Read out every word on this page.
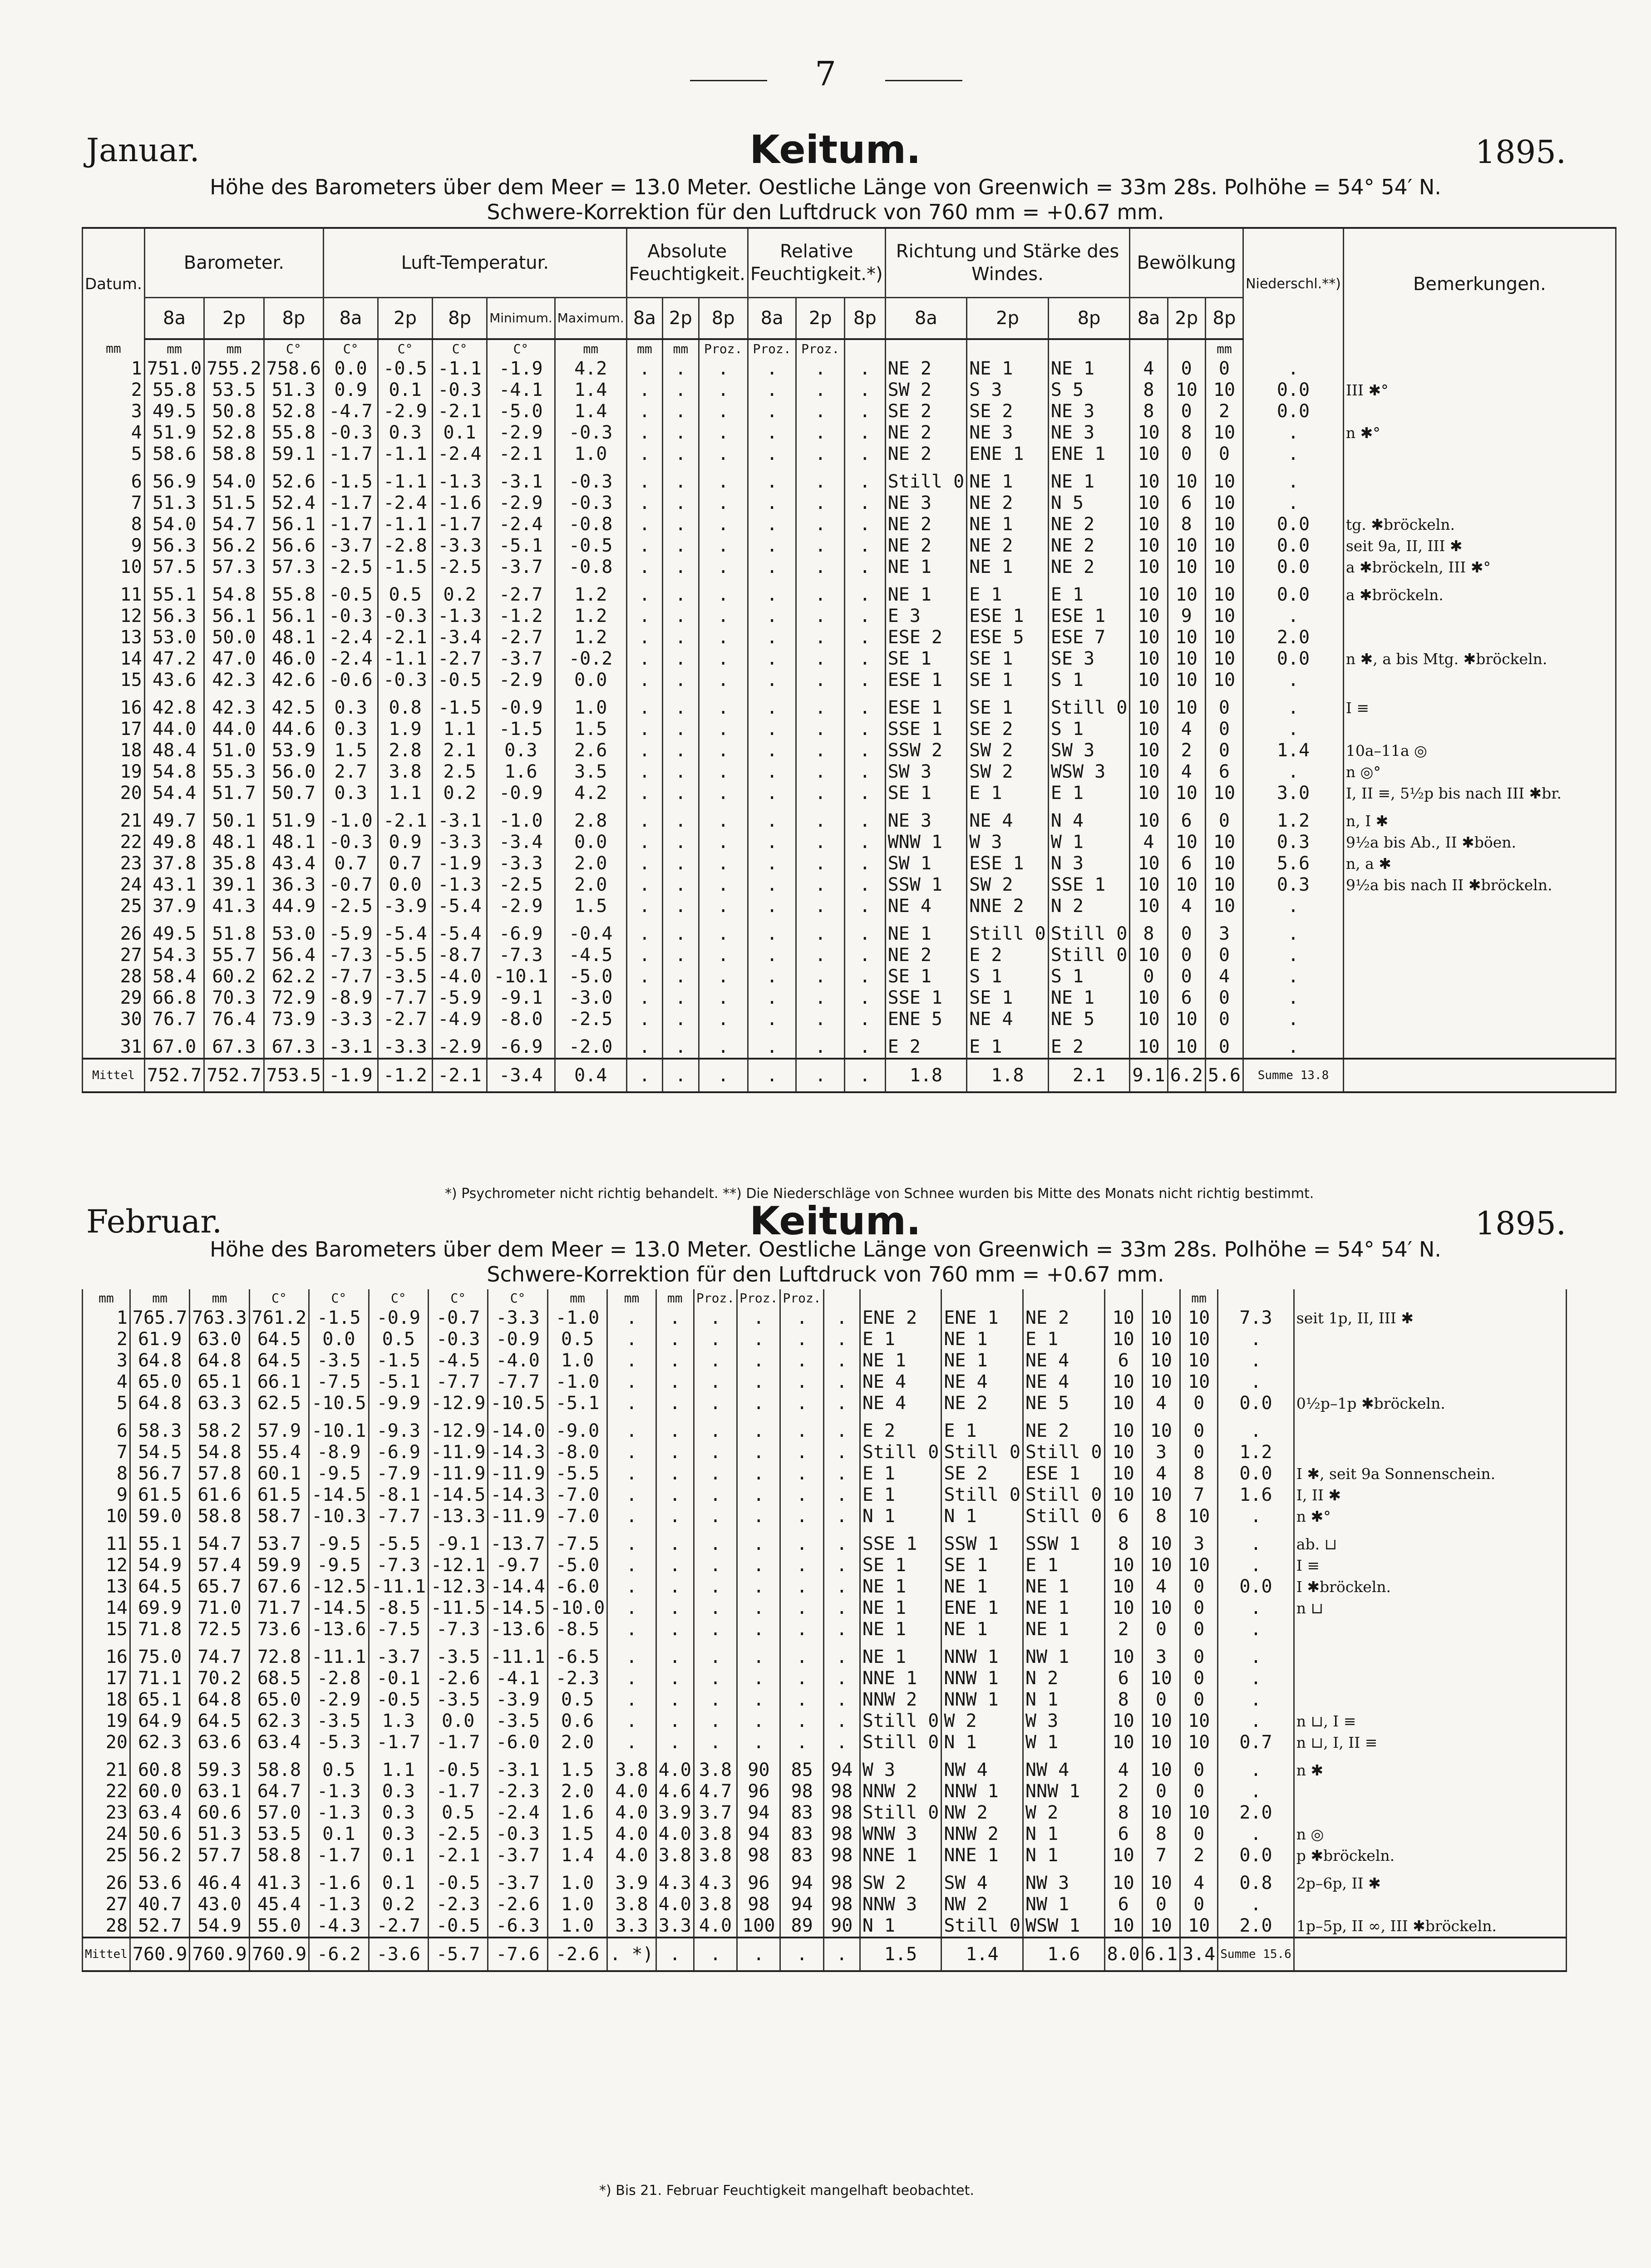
7
Januar.	Keitum.	1895.
Höhe des Barometers über dem Meer = 13.0 Meter. Oestliche Länge von Greenwich = 33m 28s. Polhöhe = 54° 54′ N.
Schwere-Korrektion für den Luftdruck von 760 mm = +0.67 mm.
Datum.	Barometer.			Luft-Temperatur.					Absolute Feuchtigkeit.			Relative Feuchtigkeit.*)			Richtung und Stärke des Windes.			Bewölkung			Niederschl.**)	Bemerkungen.
	8a	2p	8p	8a	2p	8p	Minimum.	Maximum.	8a	2p	8p	8a	2p	8p	8a	2p	8p	8a	2p	8p		
mm	mm	mm	C°	C°	C°	C°	C°	mm	mm	mm	Proz.	Proz.	Proz.							mm		
1	751.0	755.2	758.6	0.0	-0.5	-1.1	-1.9	4.2	.	.	.	.	.	.	NE 2	NE 1	NE 1	4	0	0	.	
2	55.8	53.5	51.3	0.9	0.1	-0.3	-4.1	1.4	.	.	.	.	.	.	SW 2	S 3	S 5	8	10	10	0.0	III ✱°
3	49.5	50.8	52.8	-4.7	-2.9	-2.1	-5.0	1.4	.	.	.	.	.	.	SE 2	SE 2	NE 3	8	0	2	0.0	
4	51.9	52.8	55.8	-0.3	0.3	0.1	-2.9	-0.3	.	.	.	.	.	.	NE 2	NE 3	NE 3	10	8	10	.	n ✱°
5	58.6	58.8	59.1	-1.7	-1.1	-2.4	-2.1	1.0	.	.	.	.	.	.	NE 2	ENE 1	ENE 1	10	0	0	.	

6	56.9	54.0	52.6	-1.5	-1.1	-1.3	-3.1	-0.3	.	.	.	.	.	.	Still 0	NE 1	NE 1	10	10	10	.	
7	51.3	51.5	52.4	-1.7	-2.4	-1.6	-2.9	-0.3	.	.	.	.	.	.	NE 3	NE 2	N 5	10	6	10	.	
8	54.0	54.7	56.1	-1.7	-1.1	-1.7	-2.4	-0.8	.	.	.	.	.	.	NE 2	NE 1	NE 2	10	8	10	0.0	tg. ✱bröckeln.
9	56.3	56.2	56.6	-3.7	-2.8	-3.3	-5.1	-0.5	.	.	.	.	.	.	NE 2	NE 2	NE 2	10	10	10	0.0	seit 9a, II, III ✱
10	57.5	57.3	57.3	-2.5	-1.5	-2.5	-3.7	-0.8	.	.	.	.	.	.	NE 1	NE 1	NE 2	10	10	10	0.0	a ✱bröckeln, III ✱°

11	55.1	54.8	55.8	-0.5	0.5	0.2	-2.7	1.2	.	.	.	.	.	.	NE 1	E 1	E 1	10	10	10	0.0	a ✱bröckeln.
12	56.3	56.1	56.1	-0.3	-0.3	-1.3	-1.2	1.2	.	.	.	.	.	.	E 3	ESE 1	ESE 1	10	9	10	.	
13	53.0	50.0	48.1	-2.4	-2.1	-3.4	-2.7	1.2	.	.	.	.	.	.	ESE 2	ESE 5	ESE 7	10	10	10	2.0	
14	47.2	47.0	46.0	-2.4	-1.1	-2.7	-3.7	-0.2	.	.	.	.	.	.	SE 1	SE 1	SE 3	10	10	10	0.0	n ✱, a bis Mtg. ✱bröckeln.
15	43.6	42.3	42.6	-0.6	-0.3	-0.5	-2.9	0.0	.	.	.	.	.	.	ESE 1	SE 1	S 1	10	10	10	.	

16	42.8	42.3	42.5	0.3	0.8	-1.5	-0.9	1.0	.	.	.	.	.	.	ESE 1	SE 1	Still 0	10	10	0	.	I ≡
17	44.0	44.0	44.6	0.3	1.9	1.1	-1.5	1.5	.	.	.	.	.	.	SSE 1	SE 2	S 1	10	4	0	.	
18	48.4	51.0	53.9	1.5	2.8	2.1	0.3	2.6	.	.	.	.	.	.	SSW 2	SW 2	SW 3	10	2	0	1.4	10a–11a ◎
19	54.8	55.3	56.0	2.7	3.8	2.5	1.6	3.5	.	.	.	.	.	.	SW 3	SW 2	WSW 3	10	4	6	.	n ◎°
20	54.4	51.7	50.7	0.3	1.1	0.2	-0.9	4.2	.	.	.	.	.	.	SE 1	E 1	E 1	10	10	10	3.0	I, II ≡, 5½p bis nach III ✱br.

21	49.7	50.1	51.9	-1.0	-2.1	-3.1	-1.0	2.8	.	.	.	.	.	.	NE 3	NE 4	N 4	10	6	0	1.2	n, I ✱
22	49.8	48.1	48.1	-0.3	0.9	-3.3	-3.4	0.0	.	.	.	.	.	.	WNW 1	W 3	W 1	4	10	10	0.3	9½a bis Ab., II ✱böen.
23	37.8	35.8	43.4	0.7	0.7	-1.9	-3.3	2.0	.	.	.	.	.	.	SW 1	ESE 1	N 3	10	6	10	5.6	n, a ✱
24	43.1	39.1	36.3	-0.7	0.0	-1.3	-2.5	2.0	.	.	.	.	.	.	SSW 1	SW 2	SSE 1	10	10	10	0.3	9½a bis nach II ✱bröckeln.
25	37.9	41.3	44.9	-2.5	-3.9	-5.4	-2.9	1.5	.	.	.	.	.	.	NE 4	NNE 2	N 2	10	4	10	.	

26	49.5	51.8	53.0	-5.9	-5.4	-5.4	-6.9	-0.4	.	.	.	.	.	.	NE 1	Still 0	Still 0	8	0	3	.	
27	54.3	55.7	56.4	-7.3	-5.5	-8.7	-7.3	-4.5	.	.	.	.	.	.	NE 2	E 2	Still 0	10	0	0	.	
28	58.4	60.2	62.2	-7.7	-3.5	-4.0	-10.1	-5.0	.	.	.	.	.	.	SE 1	S 1	S 1	0	0	4	.	
29	66.8	70.3	72.9	-8.9	-7.7	-5.9	-9.1	-3.0	.	.	.	.	.	.	SSE 1	SE 1	NE 1	10	6	0	.	
30	76.7	76.4	73.9	-3.3	-2.7	-4.9	-8.0	-2.5	.	.	.	.	.	.	ENE 5	NE 4	NE 5	10	10	0	.	

31	67.0	67.3	67.3	-3.1	-3.3	-2.9	-6.9	-2.0	.	.	.	.	.	.	E 2	E 1	E 2	10	10	0	.	
Mittel	752.7	752.7	753.5	-1.9	-1.2	-2.1	-3.4	0.4	.	.	.	.	.	.	1.8	1.8	2.1	9.1	6.2	5.6	Summe 13.8	
*) Psychrometer nicht richtig behandelt. **) Die Niederschläge von Schnee wurden bis Mitte des Monats nicht richtig bestimmt.
Februar.	Keitum.	1895.
Höhe des Barometers über dem Meer = 13.0 Meter. Oestliche Länge von Greenwich = 33m 28s. Polhöhe = 54° 54′ N.
Schwere-Korrektion für den Luftdruck von 760 mm = +0.67 mm.
mm	mm	mm	C°	C°	C°	C°	C°	mm	mm	mm	Proz.	Proz.	Proz.							mm		
1	765.7	763.3	761.2	-1.5	-0.9	-0.7	-3.3	-1.0	.	.	.	.	.	.	ENE 2	ENE 1	NE 2	10	10	10	7.3	seit 1p, II, III ✱
2	61.9	63.0	64.5	0.0	0.5	-0.3	-0.9	0.5	.	.	.	.	.	.	E 1	NE 1	E 1	10	10	10	.	
3	64.8	64.8	64.5	-3.5	-1.5	-4.5	-4.0	1.0	.	.	.	.	.	.	NE 1	NE 1	NE 4	6	10	10	.	
4	65.0	65.1	66.1	-7.5	-5.1	-7.7	-7.7	-1.0	.	.	.	.	.	.	NE 4	NE 4	NE 4	10	10	10	.	
5	64.8	63.3	62.5	-10.5	-9.9	-12.9	-10.5	-5.1	.	.	.	.	.	.	NE 4	NE 2	NE 5	10	4	0	0.0	0½p–1p ✱bröckeln.

6	58.3	58.2	57.9	-10.1	-9.3	-12.9	-14.0	-9.0	.	.	.	.	.	.	E 2	E 1	NE 2	10	10	0	.	
7	54.5	54.8	55.4	-8.9	-6.9	-11.9	-14.3	-8.0	.	.	.	.	.	.	Still 0	Still 0	Still 0	10	3	0	1.2	
8	56.7	57.8	60.1	-9.5	-7.9	-11.9	-11.9	-5.5	.	.	.	.	.	.	E 1	SE 2	ESE 1	10	4	8	0.0	I ✱, seit 9a Sonnenschein.
9	61.5	61.6	61.5	-14.5	-8.1	-14.5	-14.3	-7.0	.	.	.	.	.	.	E 1	Still 0	Still 0	10	10	7	1.6	I, II ✱
10	59.0	58.8	58.7	-10.3	-7.7	-13.3	-11.9	-7.0	.	.	.	.	.	.	N 1	N 1	Still 0	6	8	10	.	n ✱°

11	55.1	54.7	53.7	-9.5	-5.5	-9.1	-13.7	-7.5	.	.	.	.	.	.	SSE 1	SSW 1	SSW 1	8	10	3	.	ab. ⊔
12	54.9	57.4	59.9	-9.5	-7.3	-12.1	-9.7	-5.0	.	.	.	.	.	.	SE 1	SE 1	E 1	10	10	10	.	I ≡
13	64.5	65.7	67.6	-12.5	-11.1	-12.3	-14.4	-6.0	.	.	.	.	.	.	NE 1	NE 1	NE 1	10	4	0	0.0	I ✱bröckeln.
14	69.9	71.0	71.7	-14.5	-8.5	-11.5	-14.5	-10.0	.	.	.	.	.	.	NE 1	ENE 1	NE 1	10	10	0	.	n ⊔
15	71.8	72.5	73.6	-13.6	-7.5	-7.3	-13.6	-8.5	.	.	.	.	.	.	NE 1	NE 1	NE 1	2	0	0	.	

16	75.0	74.7	72.8	-11.1	-3.7	-3.5	-11.1	-6.5	.	.	.	.	.	.	NE 1	NNW 1	NW 1	10	3	0	.	
17	71.1	70.2	68.5	-2.8	-0.1	-2.6	-4.1	-2.3	.	.	.	.	.	.	NNE 1	NNW 1	N 2	6	10	0	.	
18	65.1	64.8	65.0	-2.9	-0.5	-3.5	-3.9	0.5	.	.	.	.	.	.	NNW 2	NNW 1	N 1	8	0	0	.	
19	64.9	64.5	62.3	-3.5	1.3	0.0	-3.5	0.6	.	.	.	.	.	.	Still 0	W 2	W 3	10	10	10	.	n ⊔, I ≡
20	62.3	63.6	63.4	-5.3	-1.7	-1.7	-6.0	2.0	.	.	.	.	.	.	Still 0	N 1	W 1	10	10	10	0.7	n ⊔, I, II ≡

21	60.8	59.3	58.8	0.5	1.1	-0.5	-3.1	1.5	3.8	4.0	3.8	90	85	94	W 3	NW 4	NW 4	4	10	0	.	n ✱
22	60.0	63.1	64.7	-1.3	0.3	-1.7	-2.3	2.0	4.0	4.6	4.7	96	98	98	NNW 2	NNW 1	NNW 1	2	0	0	.	
23	63.4	60.6	57.0	-1.3	0.3	0.5	-2.4	1.6	4.0	3.9	3.7	94	83	98	Still 0	NW 2	W 2	8	10	10	2.0	
24	50.6	51.3	53.5	0.1	0.3	-2.5	-0.3	1.5	4.0	4.0	3.8	94	83	98	WNW 3	NNW 2	N 1	6	8	0	.	n ◎
25	56.2	57.7	58.8	-1.7	0.1	-2.1	-3.7	1.4	4.0	3.8	3.8	98	83	98	NNE 1	NNE 1	N 1	10	7	2	0.0	p ✱bröckeln.

26	53.6	46.4	41.3	-1.6	0.1	-0.5	-3.7	1.0	3.9	4.3	4.3	96	94	98	SW 2	SW 4	NW 3	10	10	4	0.8	2p–6p, II ✱
27	40.7	43.0	45.4	-1.3	0.2	-2.3	-2.6	1.0	3.8	4.0	3.8	98	94	98	NNW 3	NW 2	NW 1	6	0	0	.	
28	52.7	54.9	55.0	-4.3	-2.7	-0.5	-6.3	1.0	3.3	3.3	4.0	100	89	90	N 1	Still 0	WSW 1	10	10	10	2.0	1p–5p, II ∞, III ✱bröckeln.
Mittel	760.9	760.9	760.9	-6.2	-3.6	-5.7	-7.6	-2.6	. *)	.	.	.	.	.	1.5	1.4	1.6	8.0	6.1	3.4	Summe 15.6	
*) Bis 21. Februar Feuchtigkeit mangelhaft beobachtet.
